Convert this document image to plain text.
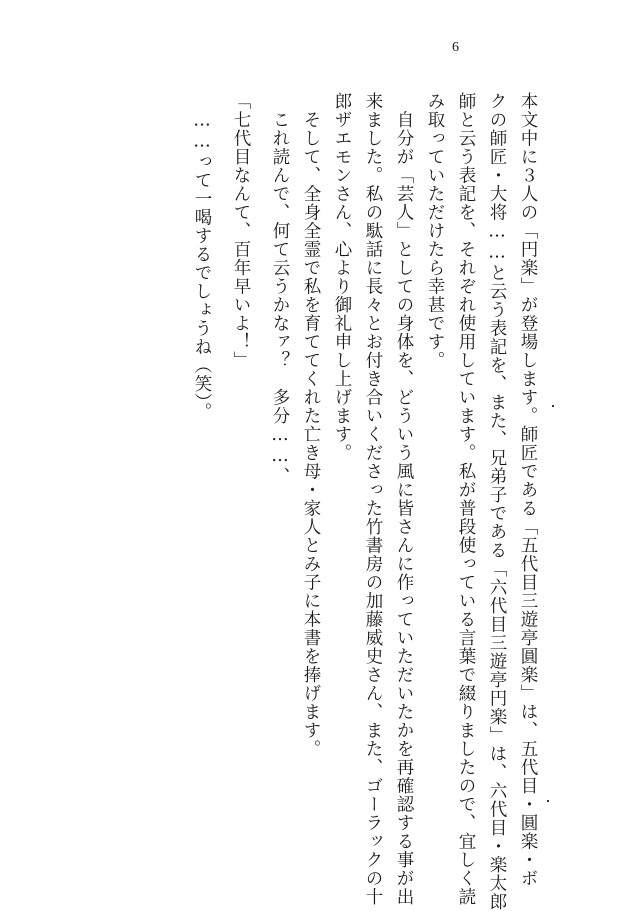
6
本文中に３人の「円楽」が登場します。師匠である「五代目三遊亭圓楽」は、五代目・圓楽・ボ
クの師匠・大将……と云う表記を、また、兄弟子である「六代目三遊亭円楽」は、六代目・楽太郎
師と云う表記を、それぞれ使用しています。私が普段使っている言葉で綴りましたので、宜しく読
み取っていただけたら幸甚です。
　自分が「芸人」としての身体を、どういう風に皆さんに作っていただいたかを再確認する事が出
来ました。私の駄話に長々とお付き合いくださった竹書房の加藤威史さん、また、ゴーラックの十
郎ザエモンさん、心より御礼申し上げます。
　そして、全身全霊で私を育ててくれた亡き母・家人とみ子に本書を捧げます。
　これ読んで、何て云うかなァ？　多分……、
「七代目なんて、百年早いよ！」
　……って一喝するでしょうね（笑）。
